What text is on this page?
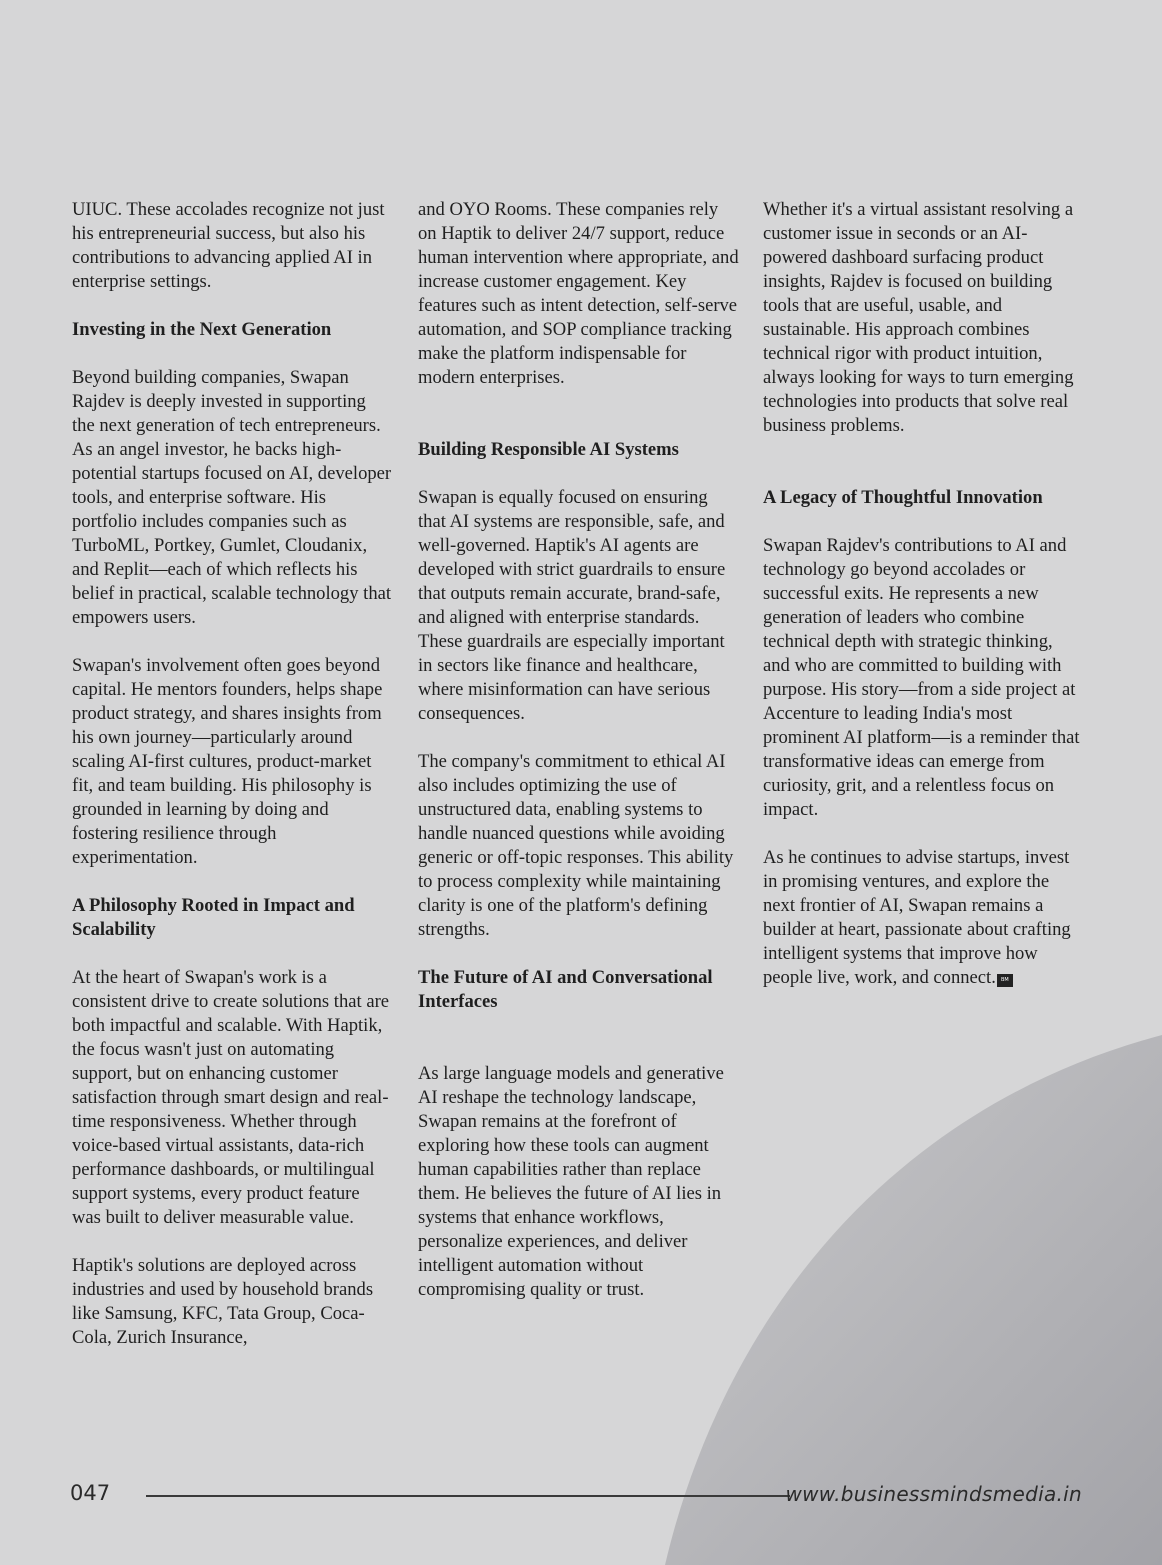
UIUC. These accolades recognize not just his entrepreneurial success, but also his contributions to advancing applied AI in enterprise settings.

Investing in the Next Generation

Beyond building companies, Swapan Rajdev is deeply invested in supporting the next generation of tech entrepreneurs. As an angel investor, he backs high-potential startups focused on AI, developer tools, and enterprise software. His portfolio includes companies such as TurboML, Portkey, Gumlet, Cloudanix, and Replit—each of which reflects his belief in practical, scalable technology that empowers users.

Swapan's involvement often goes beyond capital. He mentors founders, helps shape product strategy, and shares insights from his own journey—particularly around scaling AI-first cultures, product-market fit, and team building. His philosophy is grounded in learning by doing and fostering resilience through experimentation.

A Philosophy Rooted in Impact and Scalability

At the heart of Swapan's work is a consistent drive to create solutions that are both impactful and scalable. With Haptik, the focus wasn't just on automating support, but on enhancing customer satisfaction through smart design and real-time responsiveness. Whether through voice-based virtual assistants, data-rich performance dashboards, or multilingual support systems, every product feature was built to deliver measurable value.

Haptik's solutions are deployed across industries and used by household brands like Samsung, KFC, Tata Group, Coca-Cola, Zurich Insurance,

and OYO Rooms. These companies rely on Haptik to deliver 24/7 support, reduce human intervention where appropriate, and increase customer engagement. Key features such as intent detection, self-serve automation, and SOP compliance tracking make the platform indispensable for modern enterprises.

Building Responsible AI Systems

Swapan is equally focused on ensuring that AI systems are responsible, safe, and well-governed. Haptik's AI agents are developed with strict guardrails to ensure that outputs remain accurate, brand-safe, and aligned with enterprise standards. These guardrails are especially important in sectors like finance and healthcare, where misinformation can have serious consequences.

The company's commitment to ethical AI also includes optimizing the use of unstructured data, enabling systems to handle nuanced questions while avoiding generic or off-topic responses. This ability to process complexity while maintaining clarity is one of the platform's defining strengths.

The Future of AI and Conversational Interfaces

As large language models and generative AI reshape the technology landscape, Swapan remains at the forefront of exploring how these tools can augment human capabilities rather than replace them. He believes the future of AI lies in systems that enhance workflows, personalize experiences, and deliver intelligent automation without compromising quality or trust.

Whether it's a virtual assistant resolving a customer issue in seconds or an AI-powered dashboard surfacing product insights, Rajdev is focused on building tools that are useful, usable, and sustainable. His approach combines technical rigor with product intuition, always looking for ways to turn emerging technologies into products that solve real business problems.

A Legacy of Thoughtful Innovation

Swapan Rajdev's contributions to AI and technology go beyond accolades or successful exits. He represents a new generation of leaders who combine technical depth with strategic thinking, and who are committed to building with purpose. His story—from a side project at Accenture to leading India's most prominent AI platform—is a reminder that transformative ideas can emerge from curiosity, grit, and a relentless focus on impact.

As he continues to advise startups, invest in promising ventures, and explore the next frontier of AI, Swapan remains a builder at heart, passionate about crafting intelligent systems that improve how people live, work, and connect. BM

047	www.businessmindsmedia.in
